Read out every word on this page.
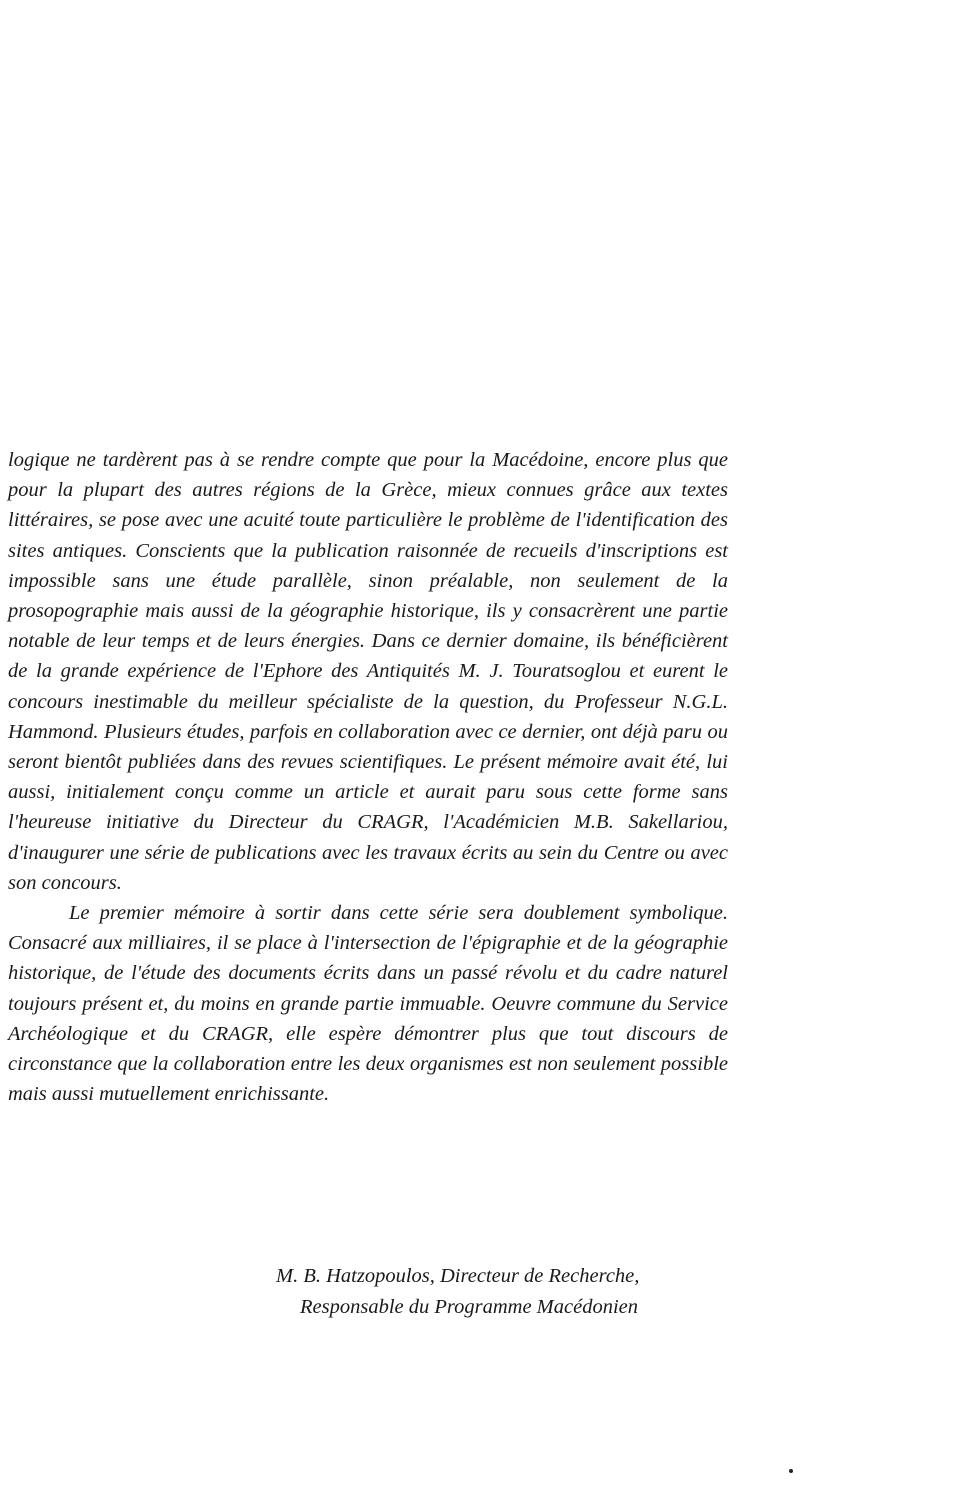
logique ne tardèrent pas à se rendre compte que pour la Macédoine, encore plus que pour la plupart des autres régions de la Grèce, mieux connues grâce aux textes littéraires, se pose avec une acuité toute particulière le problème de l'identification des sites antiques. Conscients que la publication raisonnée de recueils d'inscriptions est impossible sans une étude parallèle, sinon préalable, non seulement de la prosopographie mais aussi de la géographie historique, ils y consacrèrent une partie notable de leur temps et de leurs énergies. Dans ce dernier domaine, ils bénéficièrent de la grande expérience de l'Ephore des Antiquités M. J. Touratsoglou et eurent le concours inestimable du meilleur spécialiste de la question, du Professeur N.G.L. Hammond. Plusieurs études, parfois en collaboration avec ce dernier, ont déjà paru ou seront bientôt publiées dans des revues scientifiques. Le présent mémoire avait été, lui aussi, initialement conçu comme un article et aurait paru sous cette forme sans l'heureuse initiative du Directeur du CRAGR, l'Académicien M.B. Sakellariou, d'inaugurer une série de publications avec les travaux écrits au sein du Centre ou avec son concours.

Le premier mémoire à sortir dans cette série sera doublement symbolique. Consacré aux milliaires, il se place à l'intersection de l'épigraphie et de la géographie historique, de l'étude des documents écrits dans un passé révolu et du cadre naturel toujours présent et, du moins en grande partie immuable. Oeuvre commune du Service Archéologique et du CRAGR, elle espère démontrer plus que tout discours de circonstance que la collaboration entre les deux organismes est non seulement possible mais aussi mutuellement enrichissante.

M. B. Hatzopoulos, Directeur de Recherche,
Responsable du Programme Macédonien
